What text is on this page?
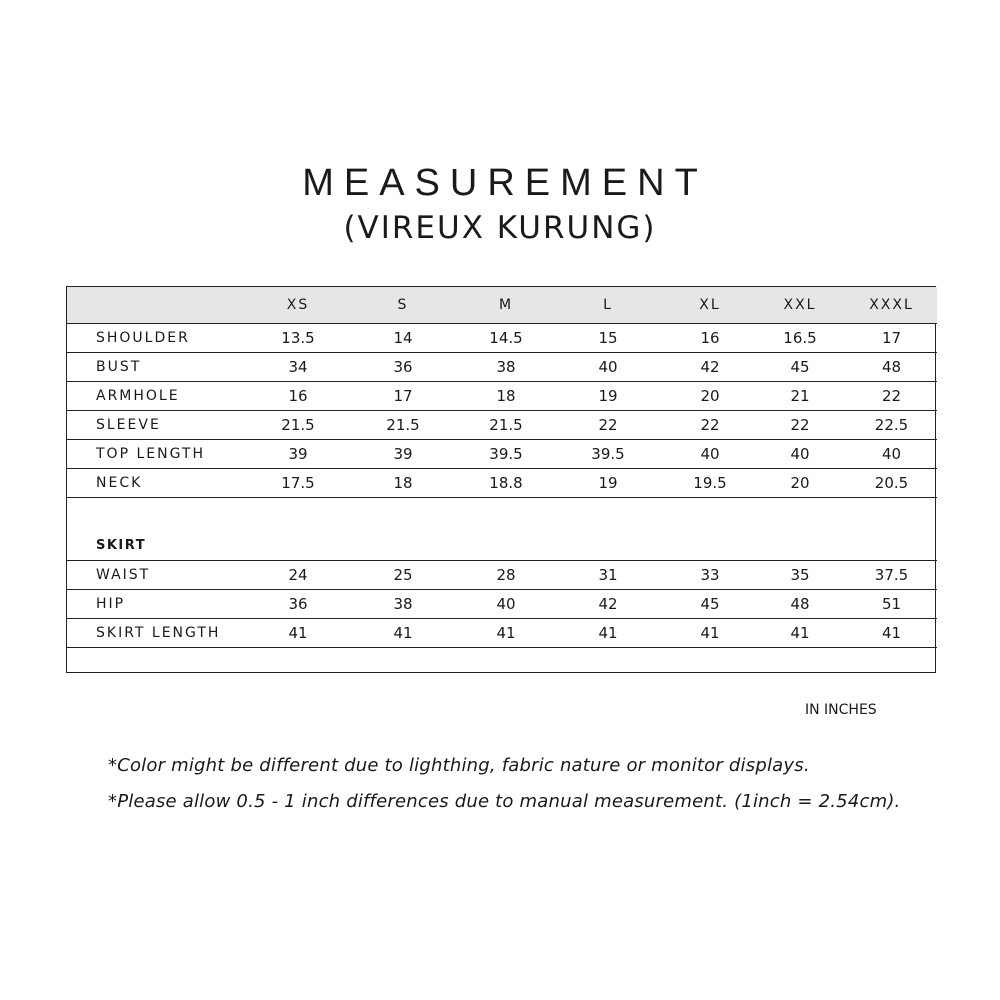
MEASUREMENT
(VIREUX KURUNG)
	XS	S	M	L	XL	XXL	XXXL
SHOULDER	13.5	14	14.5	15	16	16.5	17
BUST	34	36	38	40	42	45	48
ARMHOLE	16	17	18	19	20	21	22
SLEEVE	21.5	21.5	21.5	22	22	22	22.5
TOP LENGTH	39	39	39.5	39.5	40	40	40
NECK	17.5	18	18.8	19	19.5	20	20.5

SKIRT							
WAIST	24	25	28	31	33	35	37.5
HIP	36	38	40	42	45	48	51
SKIRT LENGTH	41	41	41	41	41	41	41

IN INCHES
*Color might be different due to lighthing, fabric nature or monitor displays.
*Please allow 0.5 - 1 inch differences due to manual measurement. (1inch = 2.54cm).
